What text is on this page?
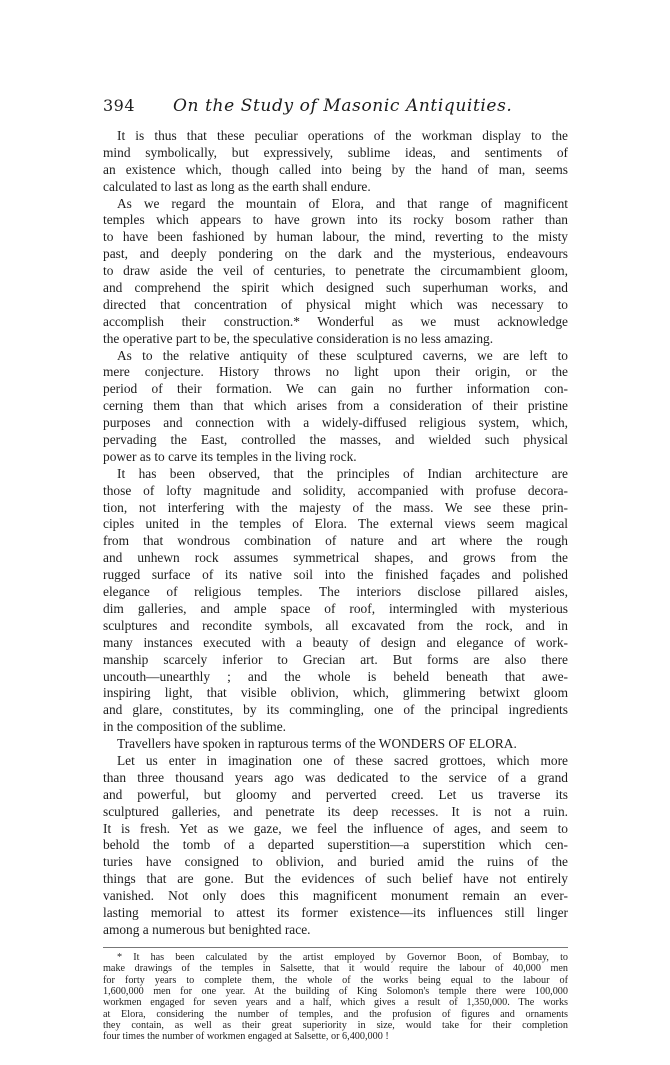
394	On the Study of Masonic Antiquities.
It is thus that these peculiar operations of the workman display to the
mind symbolically, but expressively, sublime ideas, and sentiments of
an existence which, though called into being by the hand of man, seems
calculated to last as long as the earth shall endure.
As we regard the mountain of Elora, and that range of magnificent
temples which appears to have grown into its rocky bosom rather than
to have been fashioned by human labour, the mind, reverting to the misty
past, and deeply pondering on the dark and the mysterious, endeavours
to draw aside the veil of centuries, to penetrate the circumambient gloom,
and comprehend the spirit which designed such superhuman works, and
directed that concentration of physical might which was necessary to
accomplish their construction.* Wonderful as we must acknowledge
the operative part to be, the speculative consideration is no less amazing.
As to the relative antiquity of these sculptured caverns, we are left to
mere conjecture. History throws no light upon their origin, or the
period of their formation. We can gain no further information con-
cerning them than that which arises from a consideration of their pristine
purposes and connection with a widely-diffused religious system, which,
pervading the East, controlled the masses, and wielded such physical
power as to carve its temples in the living rock.
It has been observed, that the principles of Indian architecture are
those of lofty magnitude and solidity, accompanied with profuse decora-
tion, not interfering with the majesty of the mass. We see these prin-
ciples united in the temples of Elora. The external views seem magical
from that wondrous combination of nature and art where the rough
and unhewn rock assumes symmetrical shapes, and grows from the
rugged surface of its native soil into the finished façades and polished
elegance of religious temples. The interiors disclose pillared aisles,
dim galleries, and ample space of roof, intermingled with mysterious
sculptures and recondite symbols, all excavated from the rock, and in
many instances executed with a beauty of design and elegance of work-
manship scarcely inferior to Grecian art. But forms are also there
uncouth—unearthly ; and the whole is beheld beneath that awe-
inspiring light, that visible oblivion, which, glimmering betwixt gloom
and glare, constitutes, by its commingling, one of the principal ingredients
in the composition of the sublime.
Travellers have spoken in rapturous terms of the WONDERS OF ELORA.
Let us enter in imagination one of these sacred grottoes, which more
than three thousand years ago was dedicated to the service of a grand
and powerful, but gloomy and perverted creed. Let us traverse its
sculptured galleries, and penetrate its deep recesses. It is not a ruin.
It is fresh. Yet as we gaze, we feel the influence of ages, and seem to
behold the tomb of a departed superstition—a superstition which cen-
turies have consigned to oblivion, and buried amid the ruins of the
things that are gone. But the evidences of such belief have not entirely
vanished. Not only does this magnificent monument remain an ever-
lasting memorial to attest its former existence—its influences still linger
among a numerous but benighted race.
* It has been calculated by the artist employed by Governor Boon, of Bombay, to
make drawings of the temples in Salsette, that it would require the labour of 40,000 men
for forty years to complete them, the whole of the works being equal to the labour of
1,600,000 men for one year. At the building of King Solomon's temple there were 100,000
workmen engaged for seven years and a half, which gives a result of 1,350,000. The works
at Elora, considering the number of temples, and the profusion of figures and ornaments
they contain, as well as their great superiority in size, would take for their completion
four times the number of workmen engaged at Salsette, or 6,400,000 !
